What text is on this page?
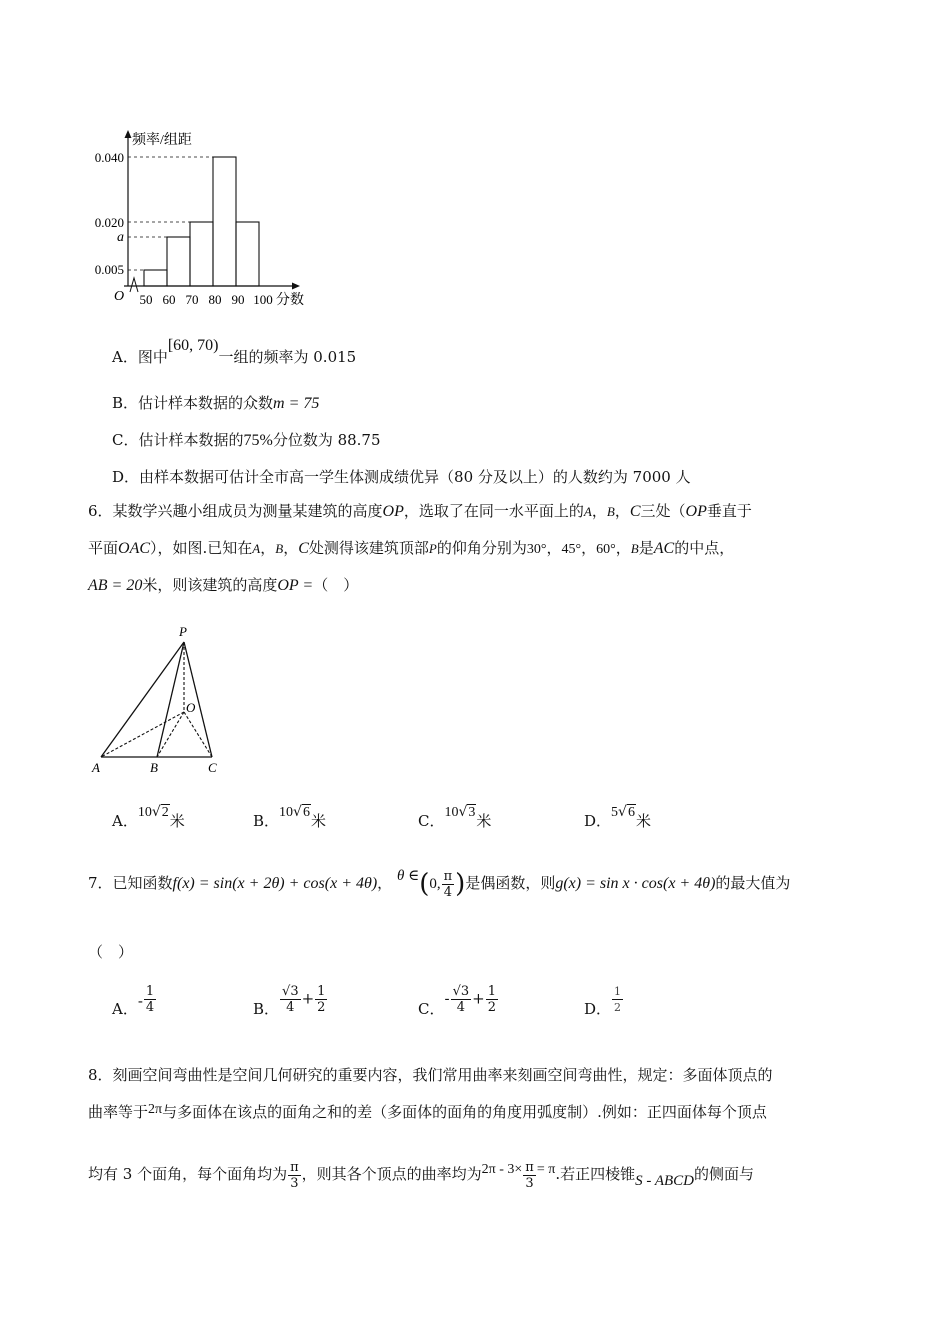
频率/组距
0.040
0.020
a
0.005
O 50 60 70 80 90 100 分数
A．图中[60, 70)一组的频率为 0.015
B．估计样本数据的众数m = 75
C．估计样本数据的75%分位数为 88.75
D．由样本数据可估计全市高一学生体测成绩优异（80 分及以上）的人数约为 7000 人
6．某数学兴趣小组成员为测量某建筑的高度OP，选取了在同一水平面上的A，B，C三处（OP垂直于
平面OAC），如图.已知在A，B，C处测得该建筑顶部P的仰角分别为30°，45°，60°，B是AC的中点，
AB = 20米，则该建筑的高度OP =（　）
P
O
A	B	C
A．10√2米	B．10√6米	C．10√3米	D．5√6米
7．已知函数f(x) = sin(x + 2θ) + cos(x + 4θ)， θ ∈(0, $\frac{\pi}{4}$ )是偶函数，则g(x) = sin x · cos(x + 4θ)的最大值为
（　）
A．- $\frac{1}{4}$	B． $\frac{√3}{4} + \frac{1}{2}$	C．- $\frac{√3}{4} + \frac{1}{2}$	D． $\frac{1}{2}$
8．刻画空间弯曲性是空间几何研究的重要内容，我们常用曲率来刻画空间弯曲性，规定：多面体顶点的
曲率等于2π与多面体在该点的面角之和的差（多面体的面角的角度用弧度制）.例如：正四面体每个顶点
均有 3 个面角，每个面角均为 $\frac{\pi}{3}$ ，则其各个顶点的曲率均为$2\pi - 3\times \frac{\pi}{3} = \pi$.若正四棱锥S - ABCD的侧面与
